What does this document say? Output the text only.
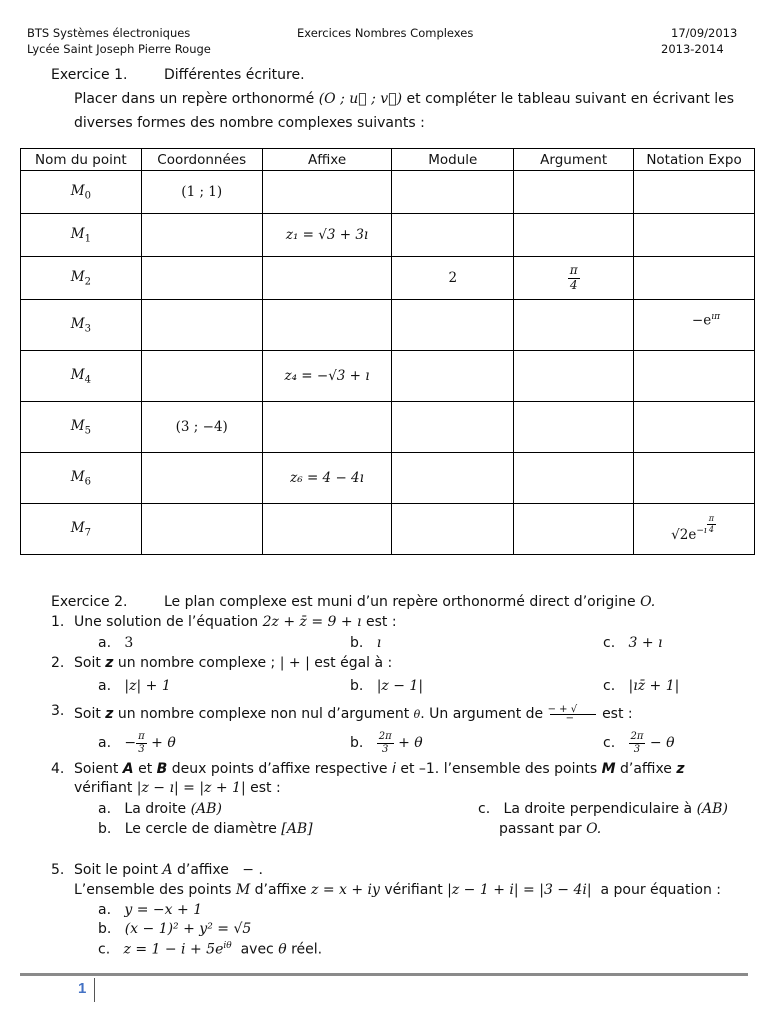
BTS Systèmes électroniques
Lycée Saint Joseph Pierre Rouge
Exercices Nombres Complexes	17/09/2013
2013-2014
Exercice 1.	Différentes écriture.
Placer dans un repère orthonormé (O ; u⃗ ; v⃗) et compléter le tableau suivant en écrivant les
diverses formes des nombre complexes suivants :
Nom du point	Coordonnées	Affixe	Module	Argument	Notation Expo
$M_0$	(1 ; 1)				
$M_1$		z₁ = √3 + 3ı			
$M_2$			2	$\frac{\pi}{4}$

$M_3$					$-e^{ı\pi}$
$M_4$		z₄ = −√3 + ı			
$M_5$	(3 ; −4)				
$M_6$		z₆ = 4 − 4ı			
$M_7$					$√2e^{-ı} \frac{\pi}{4}$
Exercice 2.	Le plan complexe est muni d’un repère orthonormé direct d’origine O.
1. Une solution de l’équation 2z + z̄ = 9 + ı est :
a. 3	b. ı	c. 3 + ı
2. Soit z un nombre complexe ; | + | est égal à :
a. |z| + 1	b. |z − 1|	c. |ız̄ + 1|
3. Soit z un nombre complexe non nul d’argument θ. Un argument de $\frac{- + √}{-}$ est :
a. − $\frac{\pi}{3} + \theta$	b. $\frac{2\pi}{3} + \theta$	c. $\frac{2\pi}{3} - \theta$
4. Soient A et B deux points d’affixe respective i et –1. l’ensemble des points M d’affixe z
vérifiant |z − ı| = |z + 1| est :
a. La droite (AB)
b. Le cercle de diamètre [AB]
c. La droite perpendiculaire à (AB)
passant par O.
5. Soit le point A d’affixe − .
L’ensemble des points M d’affixe z = x + iy vérifiant |z − 1 + i| = |3 − 4i| a pour équation :
a. y = −x + 1
b. (x − 1)² + y² = √5
c. $z = 1 - i + 5e^{i\theta}$ avec θ réel.
1
